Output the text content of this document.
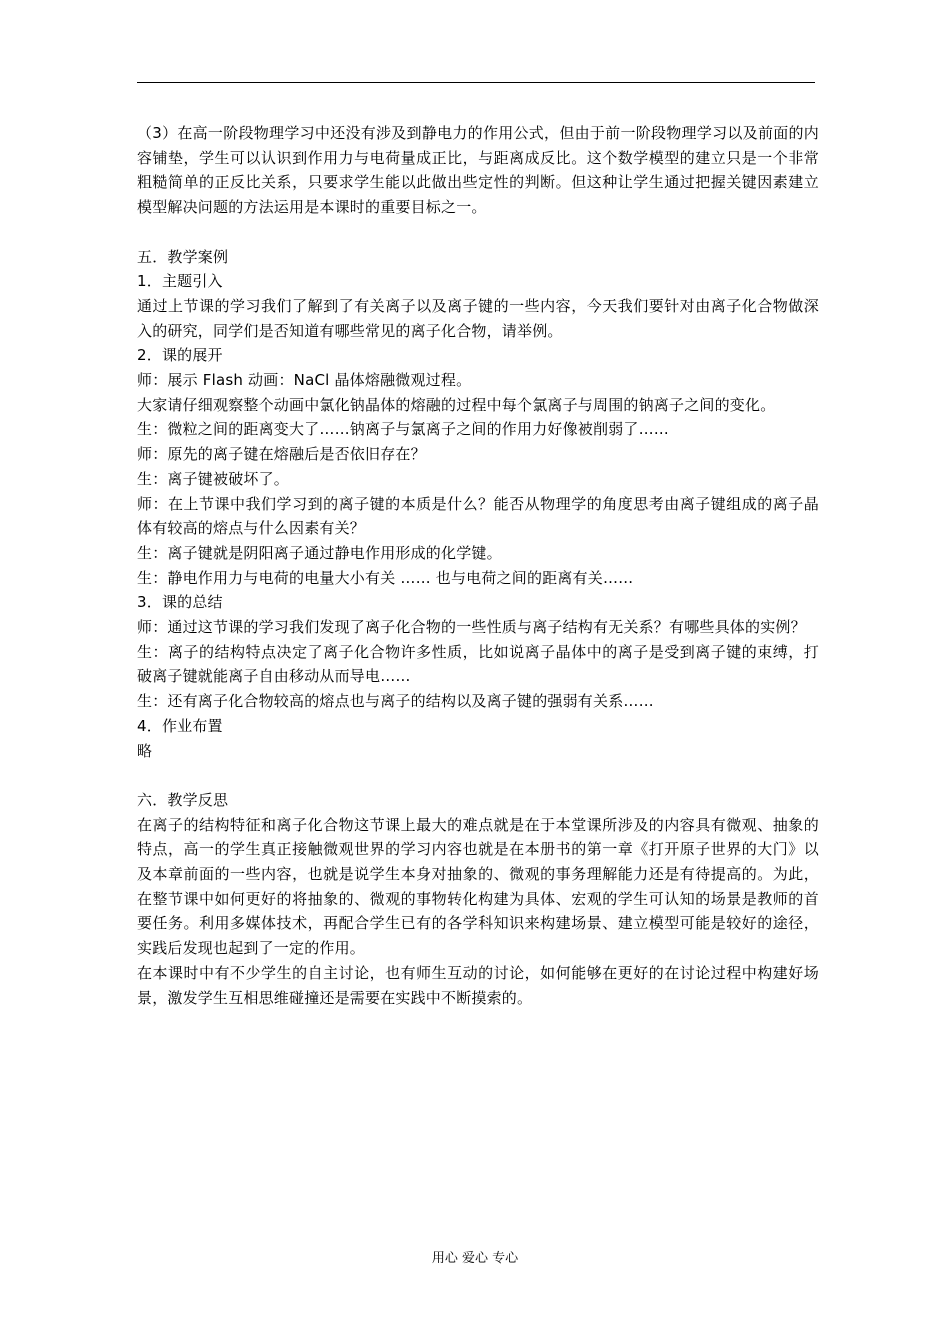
（3）在高一阶段物理学习中还没有涉及到静电力的作用公式，但由于前一阶段物理学习以及前面的内容铺垫，学生可以认识到作用力与电荷量成正比，与距离成反比。这个数学模型的建立只是一个非常粗糙简单的正反比关系，只要求学生能以此做出些定性的判断。但这种让学生通过把握关键因素建立模型解决问题的方法运用是本课时的重要目标之一。

五．教学案例

1．主题引入

通过上节课的学习我们了解到了有关离子以及离子键的一些内容，今天我们要针对由离子化合物做深入的研究，同学们是否知道有哪些常见的离子化合物，请举例。

2．课的展开

师：展示 Flash 动画：NaCl 晶体熔融微观过程。

大家请仔细观察整个动画中氯化钠晶体的熔融的过程中每个氯离子与周围的钠离子之间的变化。

生：微粒之间的距离变大了……钠离子与氯离子之间的作用力好像被削弱了……

师：原先的离子键在熔融后是否依旧存在？

生：离子键被破坏了。

师：在上节课中我们学习到的离子键的本质是什么？能否从物理学的角度思考由离子键组成的离子晶体有较高的熔点与什么因素有关？

生：离子键就是阴阳离子通过静电作用形成的化学键。

生：静电作用力与电荷的电量大小有关 …… 也与电荷之间的距离有关……

3．课的总结

师：通过这节课的学习我们发现了离子化合物的一些性质与离子结构有无关系？有哪些具体的实例？

生：离子的结构特点决定了离子化合物许多性质，比如说离子晶体中的离子是受到离子键的束缚，打破离子键就能离子自由移动从而导电……

生：还有离子化合物较高的熔点也与离子的结构以及离子键的强弱有关系……

4．作业布置

略

六．教学反思

在离子的结构特征和离子化合物这节课上最大的难点就是在于本堂课所涉及的内容具有微观、抽象的特点，高一的学生真正接触微观世界的学习内容也就是在本册书的第一章《打开原子世界的大门》以及本章前面的一些内容，也就是说学生本身对抽象的、微观的事务理解能力还是有待提高的。为此，在整节课中如何更好的将抽象的、微观的事物转化构建为具体、宏观的学生可认知的场景是教师的首要任务。利用多媒体技术，再配合学生已有的各学科知识来构建场景、建立模型可能是较好的途径，实践后发现也起到了一定的作用。

在本课时中有不少学生的自主讨论，也有师生互动的讨论，如何能够在更好的在讨论过程中构建好场景，激发学生互相思维碰撞还是需要在实践中不断摸索的。

用心 爱心 专心
